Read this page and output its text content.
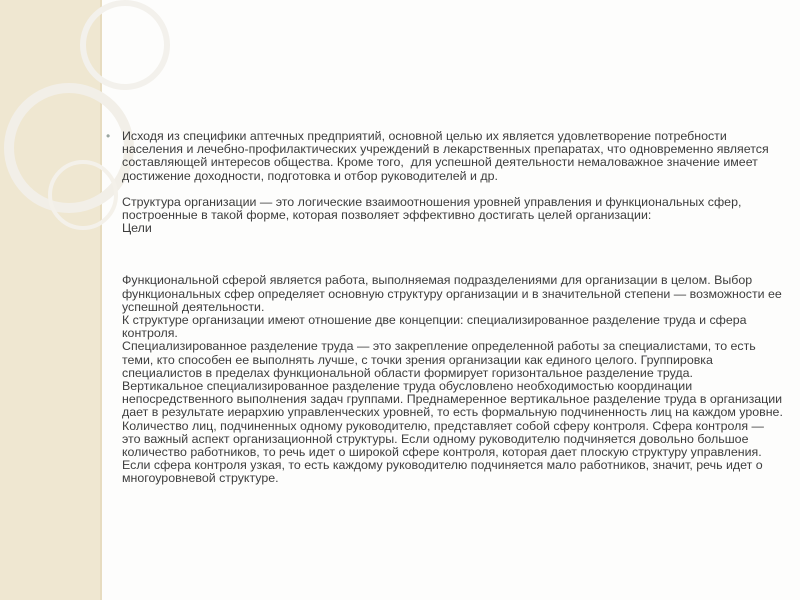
• Исходя из специфики аптечных предприятий, основной целью их является удовлетворение потребности населения и лечебно-профилактических учреждений в лекарственных препаратах, что одновременно является составляющей интересов общества. Кроме того,  для успешной деятельности немаловажное значение имеет достижение доходности, подготовка и отбор руководителей и др.

Структура организации — это логические взаимоотношения уровней управления и функциональных сфер, построенные в такой форме, которая позволяет эффективно достигать целей организации:

Цели

Функциональной сферой является работа, выполняемая подразделениями для организации в целом. Выбор функциональных сфер определяет основную структуру организации и в значительной степени — возможности ее успешной деятельности.

К структуре организации имеют отношение две концепции: специализированное разделение труда и сфера контроля.

Специализированное разделение труда — это закрепление определенной работы за специалистами, то есть теми, кто способен ее выполнять лучше, с точки зрения организации как единого целого. Группировка специалистов в пределах функциональной области формирует горизонтальное разделение труда.

Вертикальное специализированное разделение труда обусловлено необходимостью координации непосредственного выполнения задач группами. Преднамеренное вертикальное разделение труда в организации дает в результате иерархию управленческих уровней, то есть формальную подчиненность лиц на каждом уровне. Количество лиц, подчиненных одному руководителю, представляет собой сферу контроля. Сфера контроля — это важный аспект организационной структуры. Если одному руководителю подчиняется довольно большое количество работников, то речь идет о широкой сфере контроля, которая дает плоскую структуру управления.

Если сфера контроля узкая, то есть каждому руководителю подчиняется мало работников, значит, речь идет о многоуровневой структуре.
